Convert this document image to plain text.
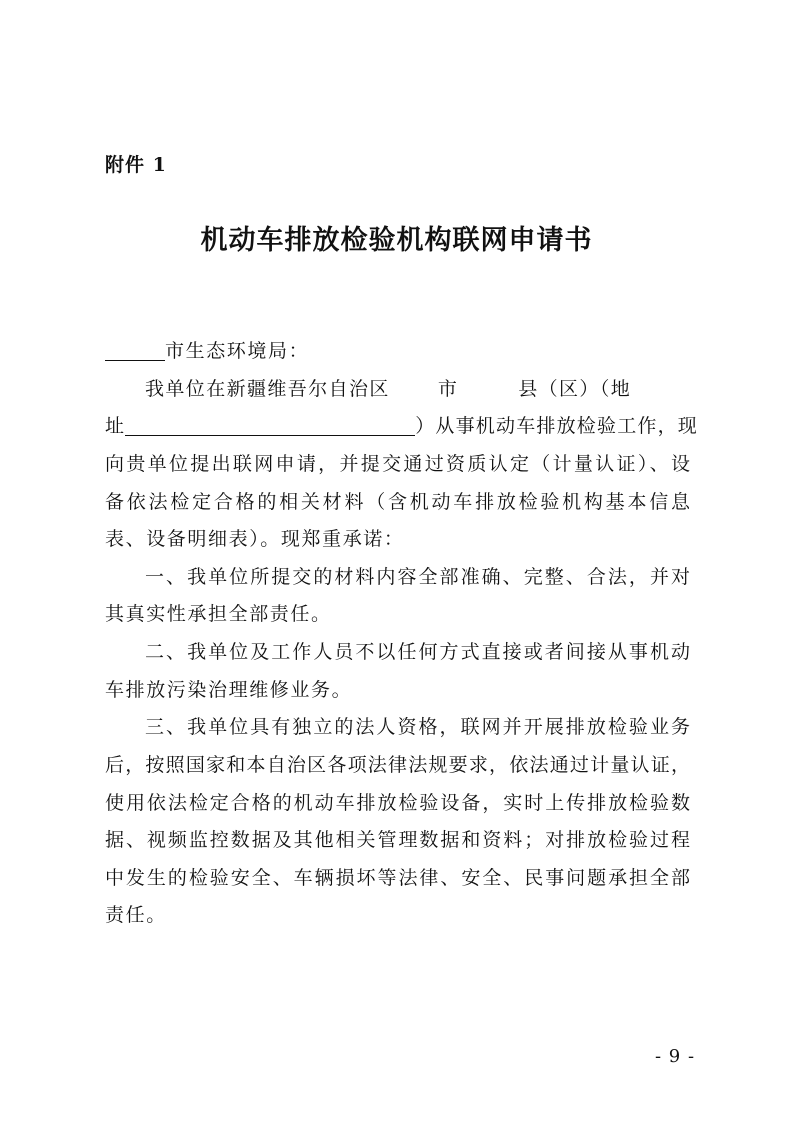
附件 1
机动车排放检验机构联网申请书
市生态环境局：
我单位在新疆维吾尔自治区	市	县（区）（地
址	）从事机动车排放检验工作，现
向贵单位提出联网申请，并提交通过资质认定（计量认证）、设
备依法检定合格的相关材料（含机动车排放检验机构基本信息
表、设备明细表）。现郑重承诺：
一、我单位所提交的材料内容全部准确、完整、合法，并对
其真实性承担全部责任。
二、我单位及工作人员不以任何方式直接或者间接从事机动
车排放污染治理维修业务。
三、我单位具有独立的法人资格，联网并开展排放检验业务
后，按照国家和本自治区各项法律法规要求，依法通过计量认证，
使用依法检定合格的机动车排放检验设备，实时上传排放检验数
据、视频监控数据及其他相关管理数据和资料；对排放检验过程
中发生的检验安全、车辆损坏等法律、安全、民事问题承担全部
责任。
- 9 -
